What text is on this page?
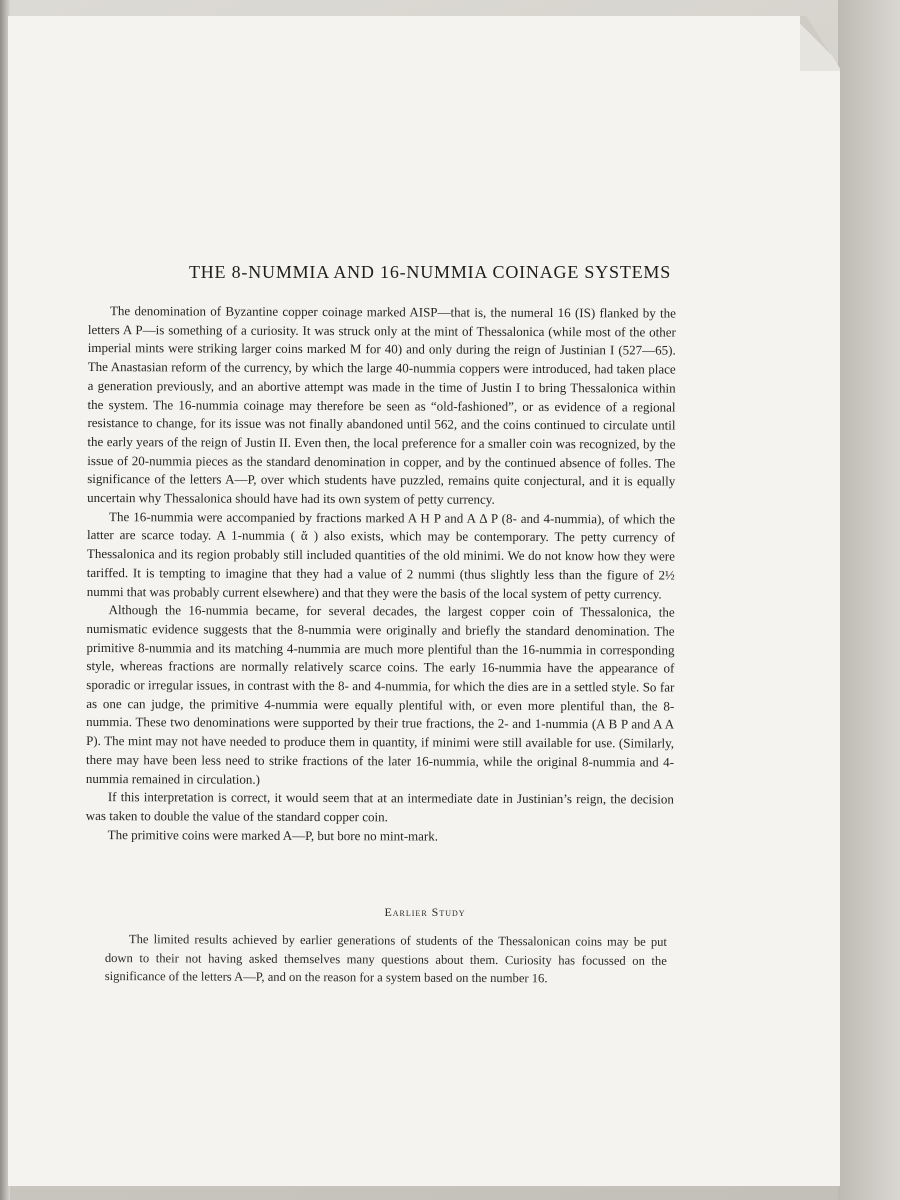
THE 8-NUMMIA AND 16-NUMMIA COINAGE SYSTEMS

The denomination of Byzantine copper coinage marked AISP—that is, the numeral 16 (IS) flanked by the letters A P—is something of a curiosity. It was struck only at the mint of Thessalonica (while most of the other imperial mints were striking larger coins marked M for 40) and only during the reign of Justinian I (527—65). The Anastasian reform of the currency, by which the large 40-nummia coppers were introduced, had taken place a generation previously, and an abortive attempt was made in the time of Justin I to bring Thessalonica within the system. The 16-nummia coinage may therefore be seen as “old-fashioned”, or as evidence of a regional resistance to change, for its issue was not finally abandoned until 562, and the coins continued to circulate until the early years of the reign of Justin II. Even then, the local preference for a smaller coin was recognized, by the issue of 20-nummia pieces as the standard denomination in copper, and by the continued absence of folles. The significance of the letters A—P, over which students have puzzled, remains quite conjectural, and it is equally uncertain why Thessalonica should have had its own system of petty currency.

The 16-nummia were accompanied by fractions marked A H P and A Δ P (8- and 4-nummia), of which the latter are scarce today. A 1-nummia ( ἄ ) also exists, which may be contemporary. The petty currency of Thessalonica and its region probably still included quantities of the old minimi. We do not know how they were tariffed. It is tempting to imagine that they had a value of 2 nummi (thus slightly less than the figure of 2½ nummi that was probably current elsewhere) and that they were the basis of the local system of petty currency.

Although the 16-nummia became, for several decades, the largest copper coin of Thessalonica, the numismatic evidence suggests that the 8-nummia were originally and briefly the standard denomination. The primitive 8-nummia and its matching 4-nummia are much more plentiful than the 16-nummia in corresponding style, whereas fractions are normally relatively scarce coins. The early 16-nummia have the appearance of sporadic or irregular issues, in contrast with the 8- and 4-nummia, for which the dies are in a settled style. So far as one can judge, the primitive 4-nummia were equally plentiful with, or even more plentiful than, the 8-nummia. These two denominations were supported by their true fractions, the 2- and 1-nummia (A B P and A A P). The mint may not have needed to produce them in quantity, if minimi were still available for use. (Similarly, there may have been less need to strike fractions of the later 16-nummia, while the original 8-nummia and 4-nummia remained in circulation.)

If this interpretation is correct, it would seem that at an intermediate date in Justinian’s reign, the decision was taken to double the value of the standard copper coin.

The primitive coins were marked A—P, but bore no mint-mark.

Earlier Study

The limited results achieved by earlier generations of students of the Thessalonican coins may be put down to their not having asked themselves many questions about them. Curiosity has focussed on the significance of the letters A—P, and on the reason for a system based on the number 16.
